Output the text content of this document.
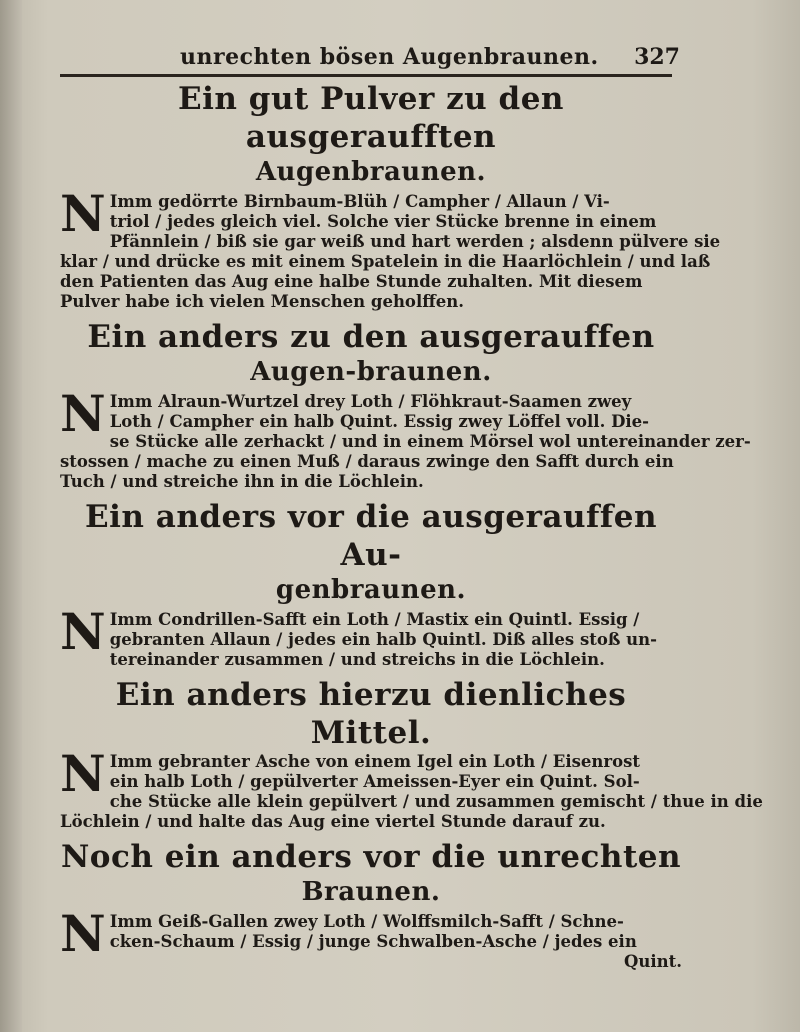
unrechten bösen Augenbraunen. 327
Ein gut Pulver zu den ausgeraufften
Augenbraunen.
N Imm gedörrte Birnbaum-Blüh / Campher / Allaun / Vi-
triol / jedes gleich viel. Solche vier Stücke brenne in einem
Pfännlein / biß sie gar weiß und hart werden ; alsdenn pülvere sie
klar / und drücke es mit einem Spatelein in die Haarlöchlein / und laß
den Patienten das Aug eine halbe Stunde zuhalten. Mit diesem
Pulver habe ich vielen Menschen geholffen.
Ein anders zu den ausgerauffen
Augen-braunen.
N Imm Alraun-Wurtzel drey Loth / Flöhkraut-Saamen zwey
Loth / Campher ein halb Quint. Essig zwey Löffel voll. Die-
se Stücke alle zerhackt / und in einem Mörsel wol untereinander zer-
stossen / mache zu einen Muß / daraus zwinge den Safft durch ein
Tuch / und streiche ihn in die Löchlein.
Ein anders vor die ausgerauffen Au-
genbraunen.
N Imm Condrillen-Safft ein Loth / Mastix ein Quintl. Essig /
gebranten Allaun / jedes ein halb Quintl. Diß alles stoß un-
tereinander zusammen / und streichs in die Löchlein.
Ein anders hierzu dienliches Mittel.
N Imm gebranter Asche von einem Igel ein Loth / Eisenrost
ein halb Loth / gepülverter Ameissen-Eyer ein Quint. Sol-
che Stücke alle klein gepülvert / und zusammen gemischt / thue in die
Löchlein / und halte das Aug eine viertel Stunde darauf zu.
Noch ein anders vor die unrechten
Braunen.
N Imm Geiß-Gallen zwey Loth / Wolffsmilch-Safft / Schne-
cken-Schaum / Essig / junge Schwalben-Asche / jedes ein
Quint.
